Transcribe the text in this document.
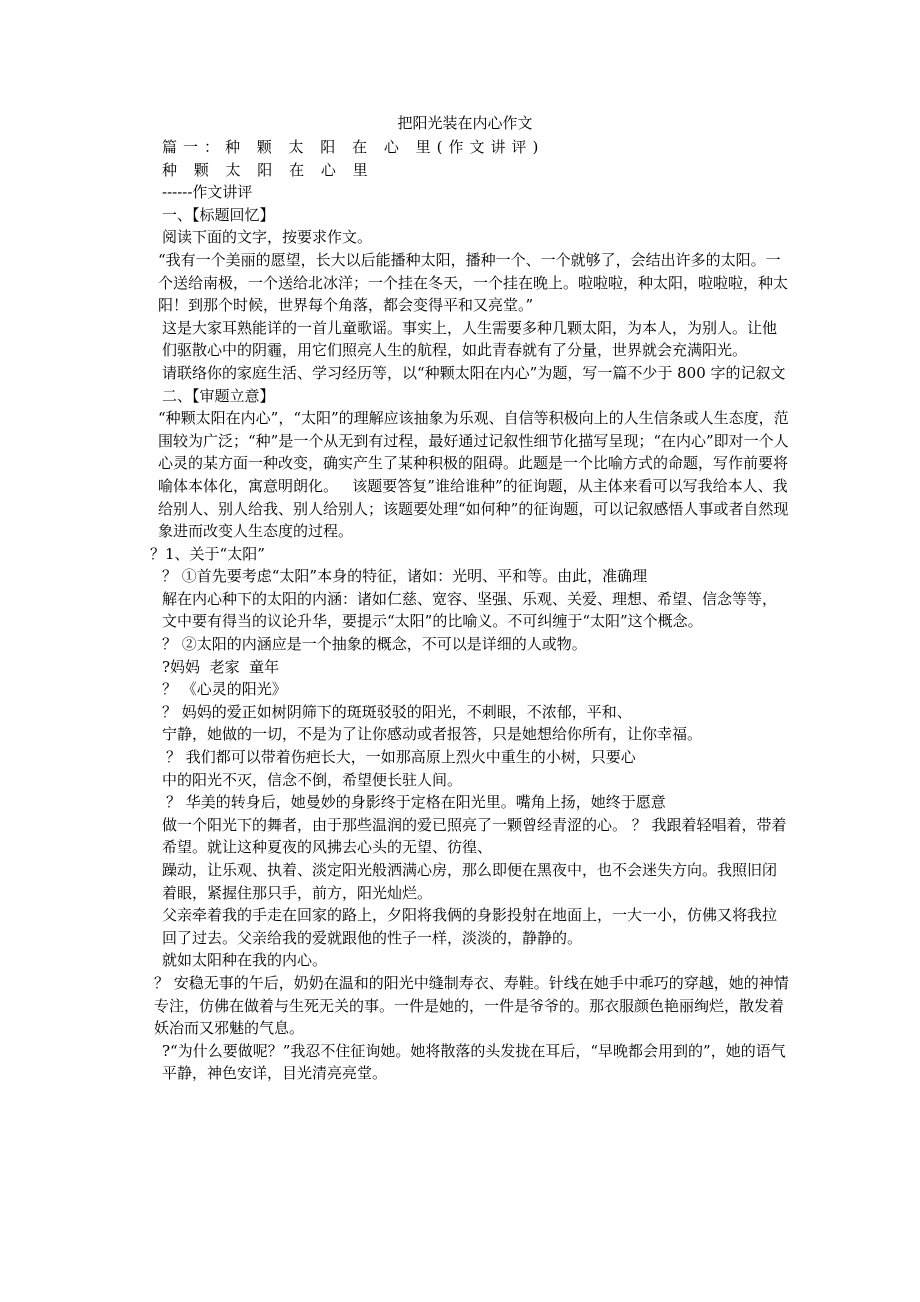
把阳光装在内心作文

篇一：种 颗 太 阳 在 心 里(作文讲评)

种 颗 太 阳 在 心 里

------作文讲评

一、【标题回忆】

阅读下面的文字，按要求作文。

“我有一个美丽的愿望，长大以后能播种太阳，播种一个、一个就够了，会结出许多的太阳。一个送给南极，一个送给北冰洋；一个挂在冬天，一个挂在晚上。啦啦啦，种太阳，啦啦啦，种太阳！到那个时候，世界每个角落，都会变得平和又亮堂。”

这是大家耳熟能详的一首儿童歌谣。事实上，人生需要多种几颗太阳，为本人，为别人。让他们驱散心中的阴霾，用它们照亮人生的航程，如此青春就有了分量，世界就会充满阳光。

请联络你的家庭生活、学习经历等，以“种颗太阳在内心”为题，写一篇不少于 800 字的记叙文

二、【审题立意】

“种颗太阳在内心”，“太阳”的理解应该抽象为乐观、自信等积极向上的人生信条或人生态度，范围较为广泛；“种”是一个从无到有过程，最好通过记叙性细节化描写呈现；“在内心”即对一个人心灵的某方面一种改变，确实产生了某种积极的阻碍。此题是一个比喻方式的命题，写作前要将喻体本体化，寓意明朗化。   该题要答复”谁给谁种”的征询题，从主体来看可以写我给本人、我给别人、别人给我、别人给别人；该题要处理“如何种”的征询题，可以记叙感悟人事或者自然现象进而改变人生态度的过程。

？1、关于“太阳”

？ ①首先要考虑“太阳”本身的特征，诸如：光明、平和等。由此，准确理

解在内心种下的太阳的内涵：诸如仁慈、宽容、坚强、乐观、关爱、理想、希望、信念等等，文中要有得当的议论升华，要提示“太阳”的比喻义。不可纠缠于“太阳”这个概念。

？ ②太阳的内涵应是一个抽象的概念，不可以是详细的人或物。

?妈妈  老家  童年

？ 《心灵的阳光》

？ 妈妈的爱正如树阴筛下的斑斑驳驳的阳光，不刺眼，不浓郁，平和、

宁静，她做的一切，不是为了让你感动或者报答，只是她想给你所有，让你幸福。

？ 我们都可以带着伤疤长大，一如那高原上烈火中重生的小树，只要心

中的阳光不灭，信念不倒，希望便长驻人间。

？ 华美的转身后，她曼妙的身影终于定格在阳光里。嘴角上扬，她终于愿意

做一个阳光下的舞者，由于那些温润的爱已照亮了一颗曾经青涩的心。 ？ 我跟着轻唱着，带着希望。就让这种夏夜的风拂去心头的无望、彷徨、

躁动，让乐观、执着、淡定阳光般洒满心房，那么即便在黑夜中，也不会迷失方向。我照旧闭着眼，紧握住那只手，前方，阳光灿烂。

父亲牵着我的手走在回家的路上，夕阳将我俩的身影投射在地面上，一大一小，仿佛又将我拉回了过去。父亲给我的爱就跟他的性子一样，淡淡的，静静的。

就如太阳种在我的内心。

？ 安稳无事的午后，奶奶在温和的阳光中缝制寿衣、寿鞋。针线在她手中乖巧的穿越，她的神情专注，仿佛在做着与生死无关的事。一件是她的，一件是爷爷的。那衣服颜色艳丽绚烂，散发着妖冶而又邪魅的气息。

?“为什么要做呢？”我忍不住征询她。她将散落的头发拢在耳后，“早晚都会用到的”，她的语气平静，神色安详，目光清亮亮堂。
